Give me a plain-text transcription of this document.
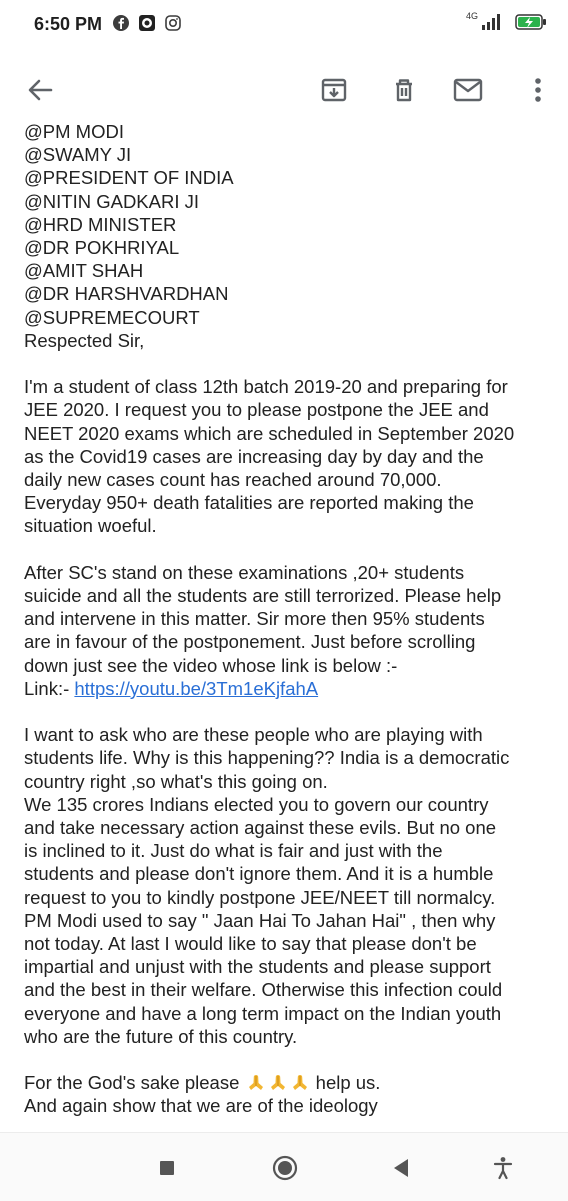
6:50 PM	4G
@PM MODI
@SWAMY JI
@PRESIDENT OF INDIA
@NITIN GADKARI JI
@HRD MINISTER
@DR POKHRIYAL
@AMIT SHAH
@DR HARSHVARDHAN
@SUPREMECOURT
Respected Sir,
I'm a student of class 12th batch 2019-20 and preparing for
JEE 2020. I request you to please postpone the JEE and
NEET 2020 exams which are scheduled in September 2020
as the Covid19 cases are increasing day by day and the
daily new cases count has reached around 70,000.
Everyday 950+ death fatalities are reported making the
situation woeful.
After SC's stand on these examinations ,20+ students
suicide and all the students are still terrorized. Please help
and intervene in this matter. Sir more then 95% students
are in favour of the postponement. Just before scrolling
down just see the video whose link is below :-
Link:- https://youtu.be/3Tm1eKjfahA
I want to ask who are these people who are playing with
students life. Why is this happening?? India is a democratic
country right ,so what's this going on.
We 135 crores Indians elected you to govern our country
and take necessary action against these evils. But no one
is inclined to it. Just do what is fair and just with the
students and please don't ignore them. And it is a humble
request to you to kindly postpone JEE/NEET till normalcy.
PM Modi used to say " Jaan Hai To Jahan Hai" , then why
not today. At last I would like to say that please don't be
impartial and unjust with the students and please support
and the best in their welfare. Otherwise this infection could
everyone and have a long term impact on the Indian youth
who are the future of this country.
For the God's sake please	help us.
And again show that we are of the ideology
